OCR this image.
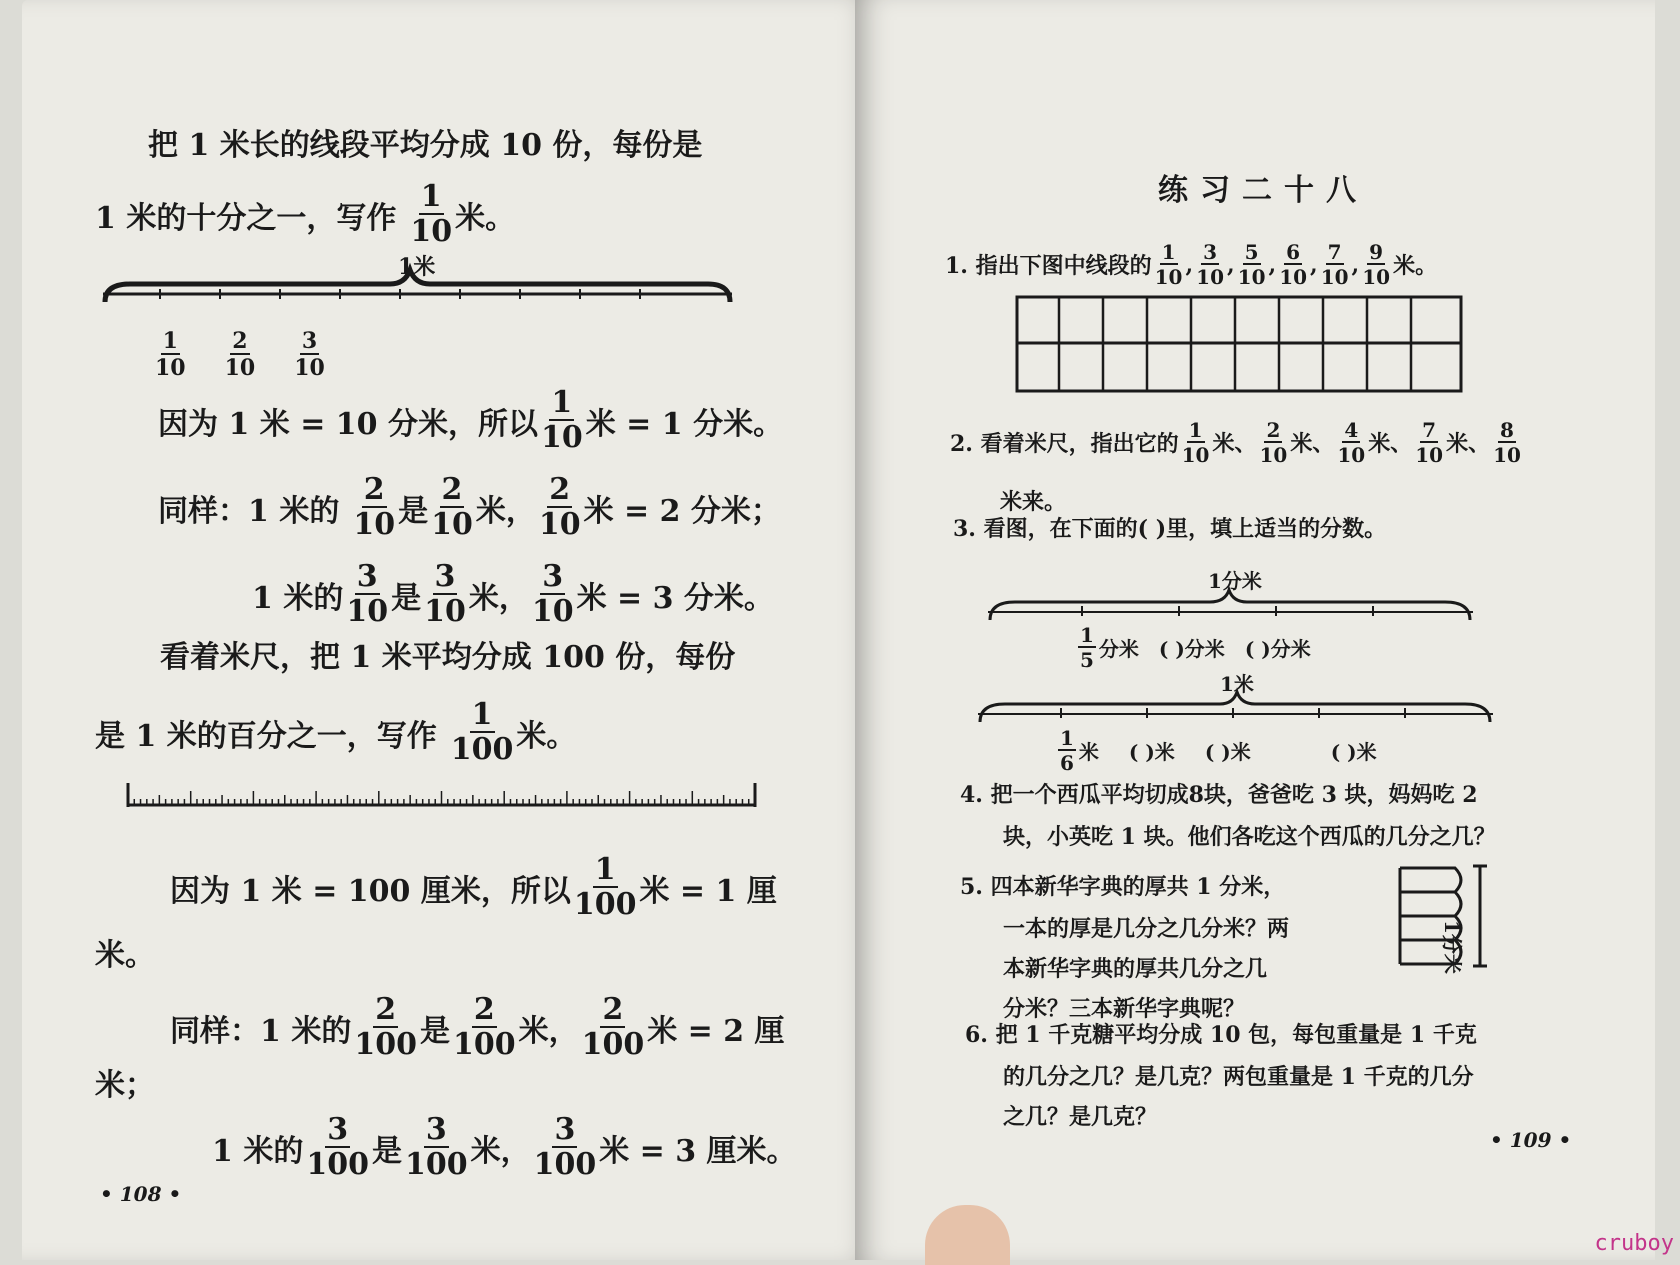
把 1 米长的线段平均分成 10 份，每份是
1 米的十分之一，写作 $\frac{1}{10}$ 米。
1米
$\frac{1}{10} \frac{2}{10} \frac{3}{10}$
因为 1 米 = 10 分米，所以 $\frac{1}{10}$ 米 = 1 分米。
同样：1 米的 $\frac{2}{10}$ 是 $\frac{2}{10}$ 米， $\frac{2}{10}$ 米 = 2 分米；
1 米的 $\frac{3}{10}$ 是 $\frac{3}{10}$ 米， $\frac{3}{10}$ 米 = 3 分米。
看着米尺，把 1 米平均分成 100 份，每份
是 1 米的百分之一，写作 $\frac{1}{100}$ 米。
因为 1 米 = 100 厘米，所以 $\frac{1}{100}$ 米 = 1 厘
米。
同样：1 米的 $\frac{2}{100}$ 是 $\frac{2}{100}$ 米， $\frac{2}{100}$ 米 = 2 厘
米；
1 米的 $\frac{3}{100}$ 是 $\frac{3}{100}$ 米， $\frac{3}{100}$ 米 = 3 厘米。
• 108 •
练习二十八
1. 指出下图中线段的 $\frac{1}{10}$ , $\frac{3}{10}$ , $\frac{5}{10}$ , $\frac{6}{10}$ , $\frac{7}{10}$ , $\frac{9}{10}$ 米。
2. 看着米尺，指出它的 $\frac{1}{10}$ 米、 $\frac{2}{10}$ 米、 $\frac{4}{10}$ 米、 $\frac{7}{10}$ 米、 $\frac{8}{10}$
米来。
3. 看图，在下面的( )里，填上适当的分数。
1分米
$\frac{1}{5}$ 分米 ( )分米 ( )分米
1米
$\frac{1}{6}$ 米 ( )米 ( )米	( )米
4. 把一个西瓜平均切成8块，爸爸吃 3 块，妈妈吃 2
块，小英吃 1 块。他们各吃这个西瓜的几分之几？
5. 四本新华字典的厚共 1 分米，
一本的厚是几分之几分米？两
本新华字典的厚共几分之几
分米？三本新华字典呢？
1分米
6. 把 1 千克糖平均分成 10 包，每包重量是 1 千克
的几分之几？是几克？两包重量是 1 千克的几分
之几？是几克？
• 109 •
cruboy
